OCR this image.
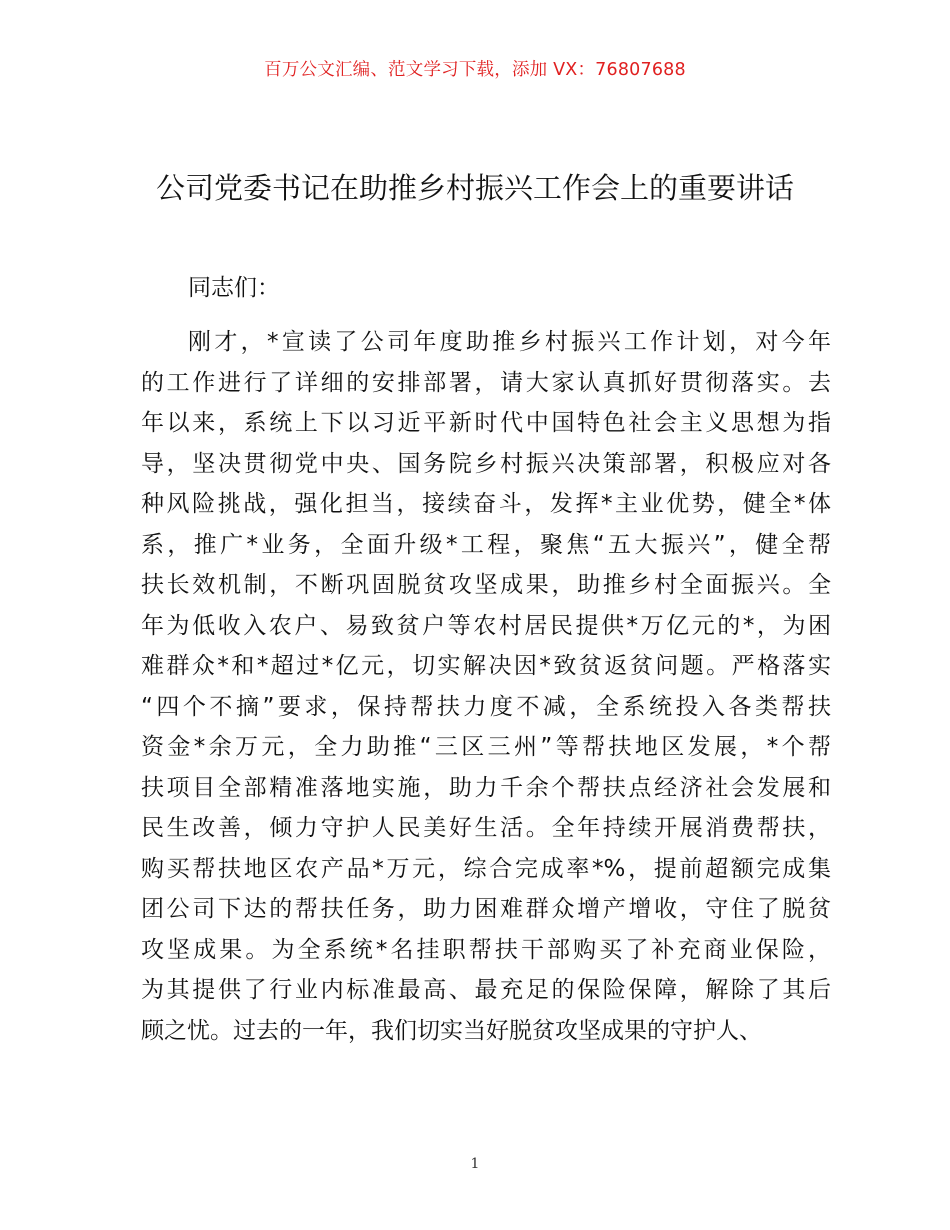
百万公文汇编、范文学习下载，添加 VX：76807688
公司党委书记在助推乡村振兴工作会上的重要讲话
同志们：
刚才，*宣读了公司年度助推乡村振兴工作计划，对今年
的工作进行了详细的安排部署，请大家认真抓好贯彻落实。去
年以来，系统上下以习近平新时代中国特色社会主义思想为指
导，坚决贯彻党中央、国务院乡村振兴决策部署，积极应对各
种风险挑战，强化担当，接续奋斗，发挥*主业优势，健全*体
系，推广*业务，全面升级*工程，聚焦“五大振兴”，健全帮
扶长效机制，不断巩固脱贫攻坚成果，助推乡村全面振兴。全
年为低收入农户、易致贫户等农村居民提供*万亿元的*，为困
难群众*和*超过*亿元，切实解决因*致贫返贫问题。严格落实
“四个不摘”要求，保持帮扶力度不减，全系统投入各类帮扶
资金*余万元，全力助推“三区三州”等帮扶地区发展，*个帮
扶项目全部精准落地实施，助力千余个帮扶点经济社会发展和
民生改善，倾力守护人民美好生活。全年持续开展消费帮扶，
购买帮扶地区农产品*万元，综合完成率*%，提前超额完成集
团公司下达的帮扶任务，助力困难群众增产增收，守住了脱贫
攻坚成果。为全系统*名挂职帮扶干部购买了补充商业保险，
为其提供了行业内标准最高、最充足的保险保障，解除了其后
顾之忧。过去的一年，我们切实当好脱贫攻坚成果的守护人、
1
